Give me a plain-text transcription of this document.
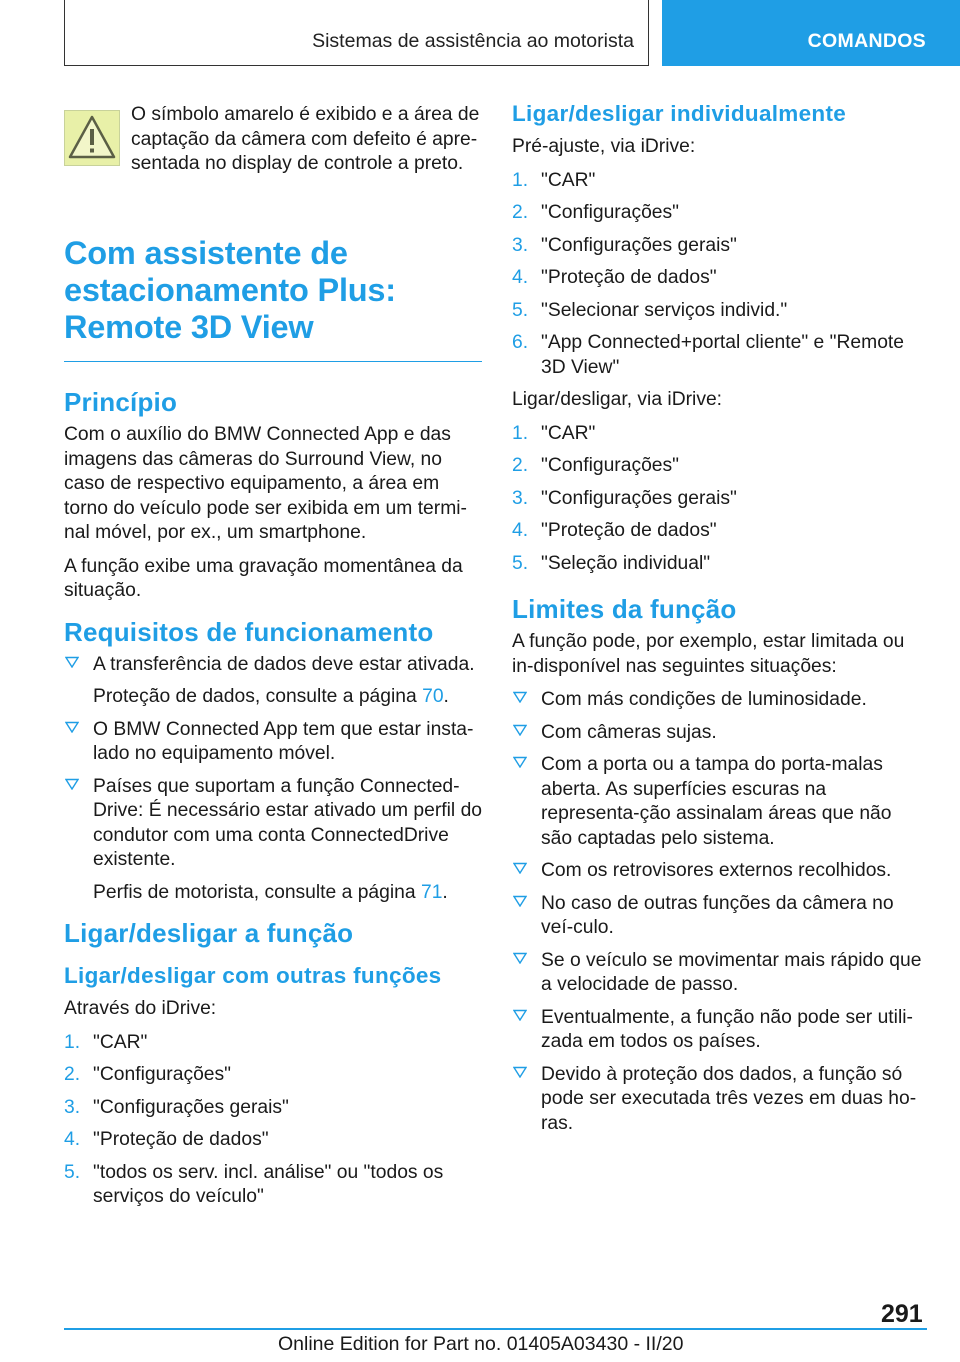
Sistemas de assistência ao motorista	COMANDOS

O símbolo amarelo é exibido e a área de captação da câmera com defeito é apre-sentada no display de controle a preto.

Com assistente de estacionamento Plus: Remote 3D View
Princípio

Com o auxílio do BMW Connected App e das imagens das câmeras do Surround View, no caso de respectivo equipamento, a área em torno do veículo pode ser exibida em um termi-nal móvel, por ex., um smartphone.

A função exibe uma gravação momentânea da situação.

Requisitos de funcionamento
A transferência de dados deve estar ativada.
Proteção de dados, consulte a página 70.
O BMW Connected App tem que estar insta-lado no equipamento móvel.
Países que suportam a função Connected-Drive: É necessário estar ativado um perfil do condutor com uma conta ConnectedDrive existente.
Perfis de motorista, consulte a página 71.
Ligar/desligar a função
Ligar/desligar com outras funções

Através do iDrive:

1. "CAR"
2. "Configurações"
3. "Configurações gerais"
4. "Proteção de dados"
5. "todos os serv. incl. análise" ou "todos os serviços do veículo"
Ligar/desligar individualmente

Pré-ajuste, via iDrive:

1. "CAR"
2. "Configurações"
3. "Configurações gerais"
4. "Proteção de dados"
5. "Selecionar serviços individ."
6. "App Connected+portal cliente" e "Remote 3D View"

Ligar/desligar, via iDrive:

1. "CAR"
2. "Configurações"
3. "Configurações gerais"
4. "Proteção de dados"
5. "Seleção individual"
Limites da função

A função pode, por exemplo, estar limitada ou in-disponível nas seguintes situações:

Com más condições de luminosidade.
Com câmeras sujas.
Com a porta ou a tampa do porta-malas aberta. As superfícies escuras na representa-ção assinalam áreas que não são captadas pelo sistema.
Com os retrovisores externos recolhidos.
No caso de outras funções da câmera no veí-culo.
Se o veículo se movimentar mais rápido que a velocidade de passo.
Eventualmente, a função não pode ser utili-zada em todos os países.
Devido à proteção dos dados, a função só pode ser executada três vezes em duas ho-ras.
291
Online Edition for Part no. 01405A03430 - II/20
